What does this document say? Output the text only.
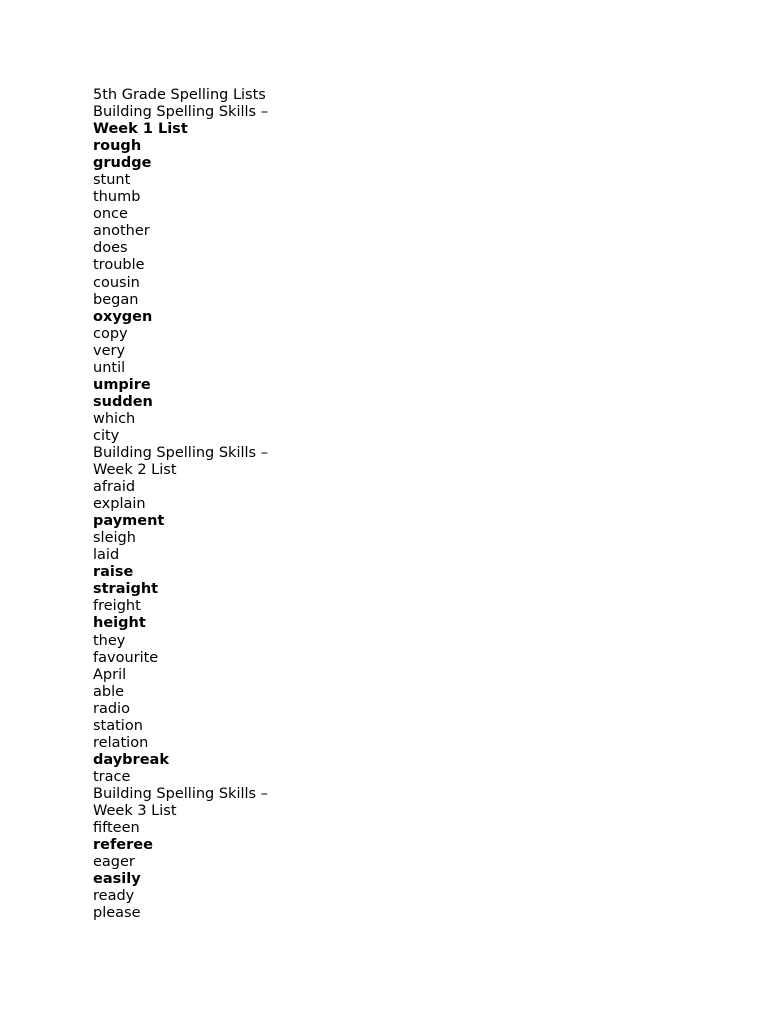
5th Grade Spelling Lists
Building Spelling Skills –
Week 1 List
rough
grudge
stunt
thumb
once
another
does
trouble
cousin
began
oxygen
copy
very
until
umpire
sudden
which
city
Building Spelling Skills –
Week 2 List
afraid
explain
payment
sleigh
laid
raise
straight
freight
height
they
favourite
April
able
radio
station
relation
daybreak
trace
Building Spelling Skills –
Week 3 List
fifteen
referee
eager
easily
ready
please
